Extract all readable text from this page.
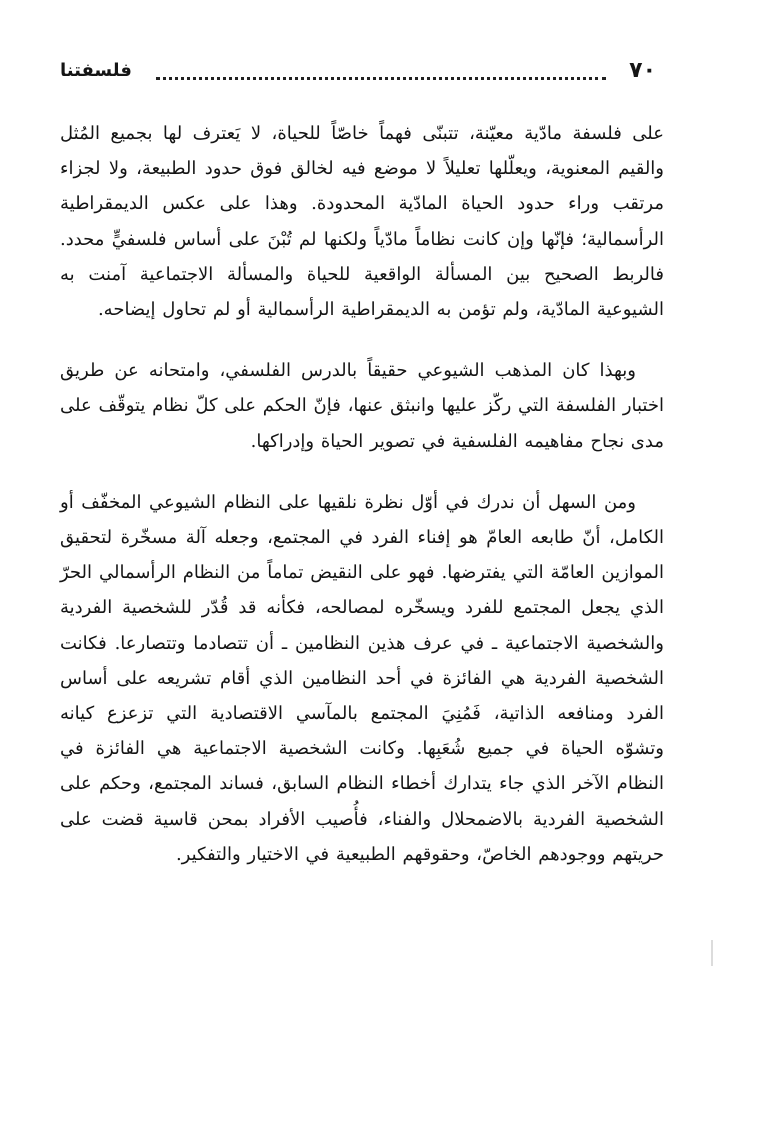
٧٠
فلسفتنا

على فلسفة مادّية معيّنة، تتبنّى فهماً خاصّاً للحياة، لا يَعترف لها بجميع المُثل والقيم المعنوية، ويعلّلها تعليلاً لا موضع فيه لخالق فوق حدود الطبيعة، ولا لجزاء مرتقب وراء حدود الحياة المادّية المحدودة. وهذا على عكس الديمقراطية الرأسمالية؛ فإنّها وإن كانت نظاماً مادّياً ولكنها لم تُبْنَ على أساس فلسفيٍّ محدد. فالربط الصحيح بين المسألة الواقعية للحياة والمسألة الاجتماعية آمنت به الشيوعية المادّية، ولم تؤمن به الديمقراطية الرأسمالية أو لم تحاول إيضاحه.

وبهذا كان المذهب الشيوعي حقيقاً بالدرس الفلسفي، وامتحانه عن طريق اختبار الفلسفة التي ركّز عليها وانبثق عنها، فإنّ الحكم على كلّ نظام يتوقّف على مدى نجاح مفاهيمه الفلسفية في تصوير الحياة وإدراكها.

ومن السهل أن ندرك في أوّل نظرة نلقيها على النظام الشيوعي المخفّف أو الكامل، أنّ طابعه العامّ هو إفناء الفرد في المجتمع، وجعله آلة مسخّرة لتحقيق الموازين العامّة التي يفترضها. فهو على النقيض تماماً من النظام الرأسمالي الحرّ الذي يجعل المجتمع للفرد ويسخّره لمصالحه، فكأنه قد قُدّر للشخصية الفردية والشخصية الاجتماعية ـ في عرف هذين النظامين ـ أن تتصادما وتتصارعا. فكانت الشخصية الفردية هي الفائزة في أحد النظامين الذي أقام تشريعه على أساس الفرد ومنافعه الذاتية، فَمُنِيَ المجتمع بالمآسي الاقتصادية التي تزعزع كيانه وتشوّه الحياة في جميع شُعَبِها. وكانت الشخصية الاجتماعية هي الفائزة في النظام الآخر الذي جاء يتدارك أخطاء النظام السابق، فساند المجتمع، وحكم على الشخصية الفردية بالاضمحلال والفناء، فأُصيب الأفراد بمحن قاسية قضت على حريتهم ووجودهم الخاصّ، وحقوقهم الطبيعية في الاختيار والتفكير.
